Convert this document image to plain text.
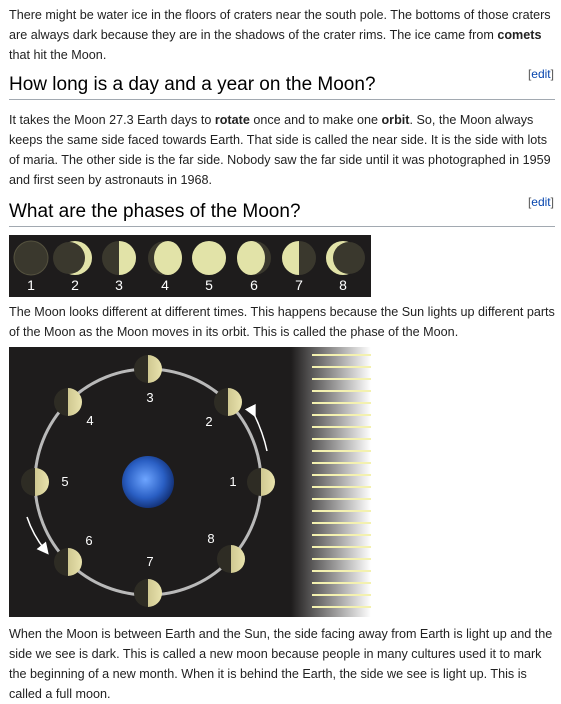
There might be water ice in the floors of craters near the south pole. The bottoms of those craters are always dark because they are in the shadows of the crater rims. The ice came from comets that hit the Moon.

[edit]
How long is a day and a year on the Moon?

It takes the Moon 27.3 Earth days to rotate once and to make one orbit. So, the Moon always keeps the same side faced towards Earth. That side is called the near side. It is the side with lots of maria. The other side is the far side. Nobody saw the far side until it was photographed in 1959 and first seen by astronauts in 1968.

[edit]
What are the phases of the Moon?
1	2	3	4	5	6	7	8

The Moon looks different at different times. This happens because the Sun lights up different parts of the Moon as the Moon moves in its orbit. This is called the phase of the Moon.

1
2
3
4
5
6
7
8

When the Moon is between Earth and the Sun, the side facing away from Earth is light up and the side we see is dark. This is called a new moon because people in many cultures used it to mark the beginning of a new month. When it is behind the Earth, the side we see is light up. This is called a full moon.
